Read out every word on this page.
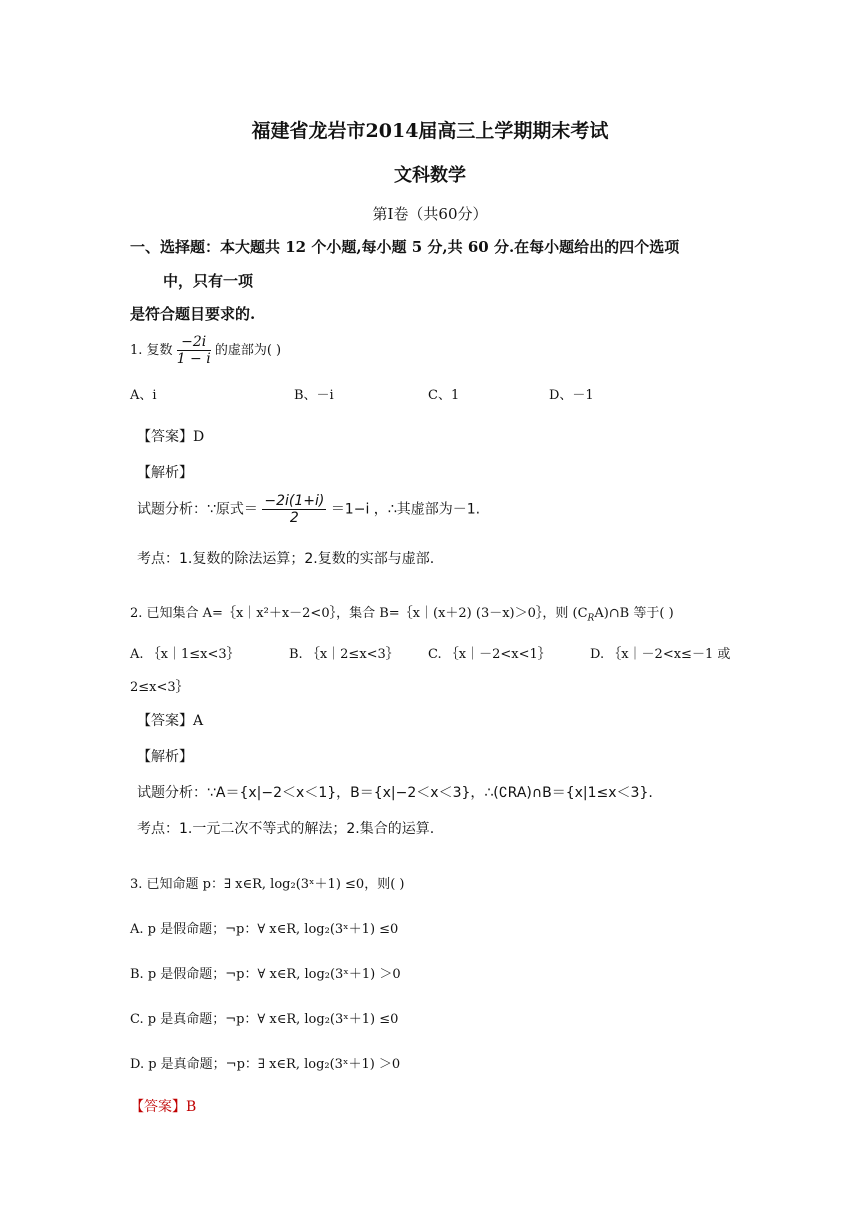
福建省龙岩市2014届高三上学期期末考试
文科数学
第Ⅰ卷（共60分）
一、选择题：本大题共 12 个小题,每小题 5 分,共 60 分.在每小题给出的四个选项
中，只有一项
是符合题目要求的.
1. 复数 $\frac{-2i}{1 - i}$ 的虚部为( )
A、i	B、－i	C、1	D、－1
【答案】D
【解析】
试题分析：∵原式＝ $\frac{-2i(1+i)}{2} =1-i$ ，∴其虚部为－1.
考点：1.复数的除法运算；2.复数的实部与虚部.
2. 已知集合 A=｛x｜x²＋x－2<0｝，集合 B=｛x｜(x＋2) (3－x)＞0｝，则 $(C_RA)\cap B$ 等于( )
A. ｛x｜1≤x<3｝	B. ｛x｜2≤x<3｝ C. ｛x｜－2<x<1｝	D. ｛x｜－2<x≤－1 或
2≤x<3｝
【答案】A
【解析】
试题分析：∵A＝{x|−2＜x＜1}，B＝{x|−2＜x＜3}，∴(∁RA)∩B＝{x|1≤x＜3}.
考点：1.一元二次不等式的解法；2.集合的运算.
3. 已知命题 p：∃ x∈R, log₂(3ˣ＋1) ≤0，则( )
A. p 是假命题；¬p：∀ x∈R, log₂(3ˣ＋1) ≤0
B. p 是假命题；¬p：∀ x∈R, log₂(3ˣ＋1) ＞0
C. p 是真命题；¬p：∀ x∈R, log₂(3ˣ＋1) ≤0
D. p 是真命题；¬p：∃ x∈R, log₂(3ˣ＋1) ＞0
【答案】B
